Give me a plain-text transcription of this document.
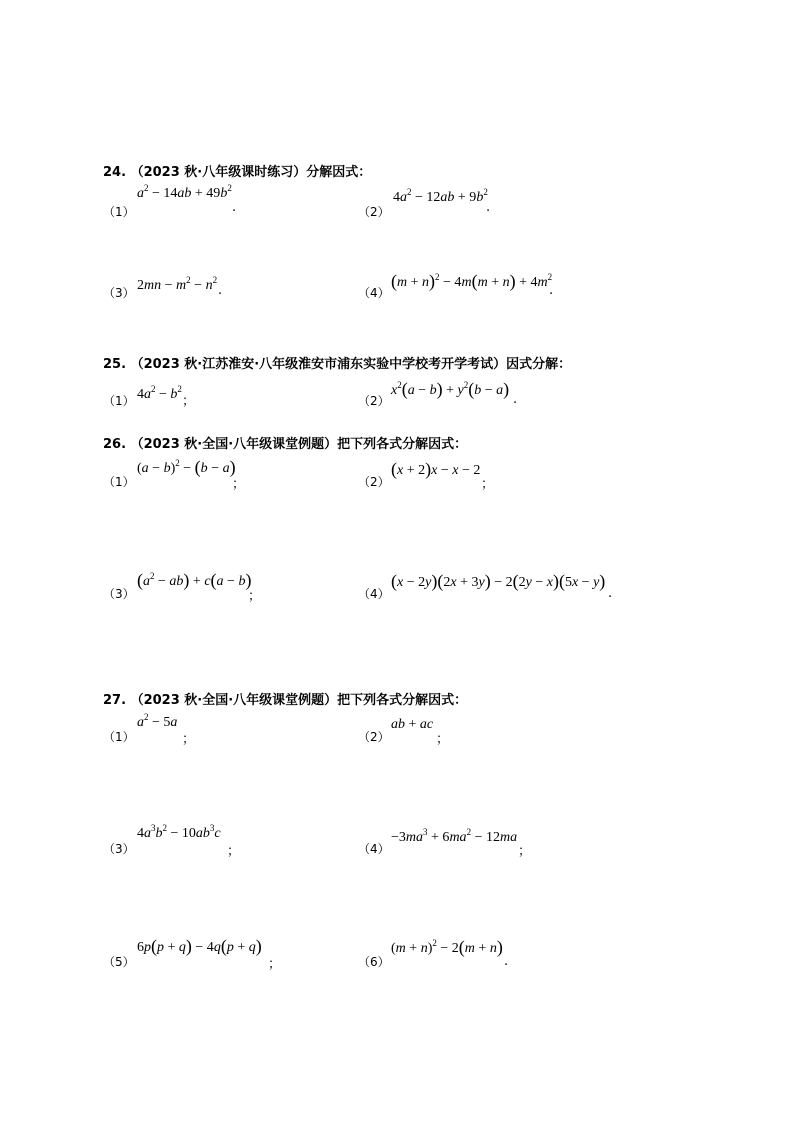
24. （2023 秋·八年级课时练习）分解因式：
（1）
$a^2 - 14ab + 49b^2$
.	（2）
$4a^2 - 12ab + 9b^2$
.
（3） $2mn - m^2 - n^2$
.	（4）
$(m + n)^2 - 4m(m + n) + 4m^2$
.
25. （2023 秋·江苏淮安·八年级淮安市浦东实验中学校考开学考试）因式分解：
（1） $4a^2 - b^2$
；	（2）
$x^2(a - b) + y^2(b - a)$
.
26. （2023 秋·全国·八年级课堂例题）把下列各式分解因式：
（1）
$(a - b)^2 - (b - a)$
；	（2）
(x + 2)x − x − 2
；
（3）
$(a^2 - ab) + c(a - b)$
；	（4）
(x − 2y)(2x + 3y) − 2(2y − x)(5x − y)
.
27. （2023 秋·全国·八年级课堂例题）把下列各式分解因式：
（1）
$a^2 - 5a$
；	（2）
ab + ac
；
（3）
$4a^3b^2 - 10ab^3c$
；	（4）
$-3ma^3 + 6ma^2 - 12ma$
；
（5）
6p(p + q) − 4q(p + q)
；	（6）
$(m + n)^2 - 2(m + n)$
.
